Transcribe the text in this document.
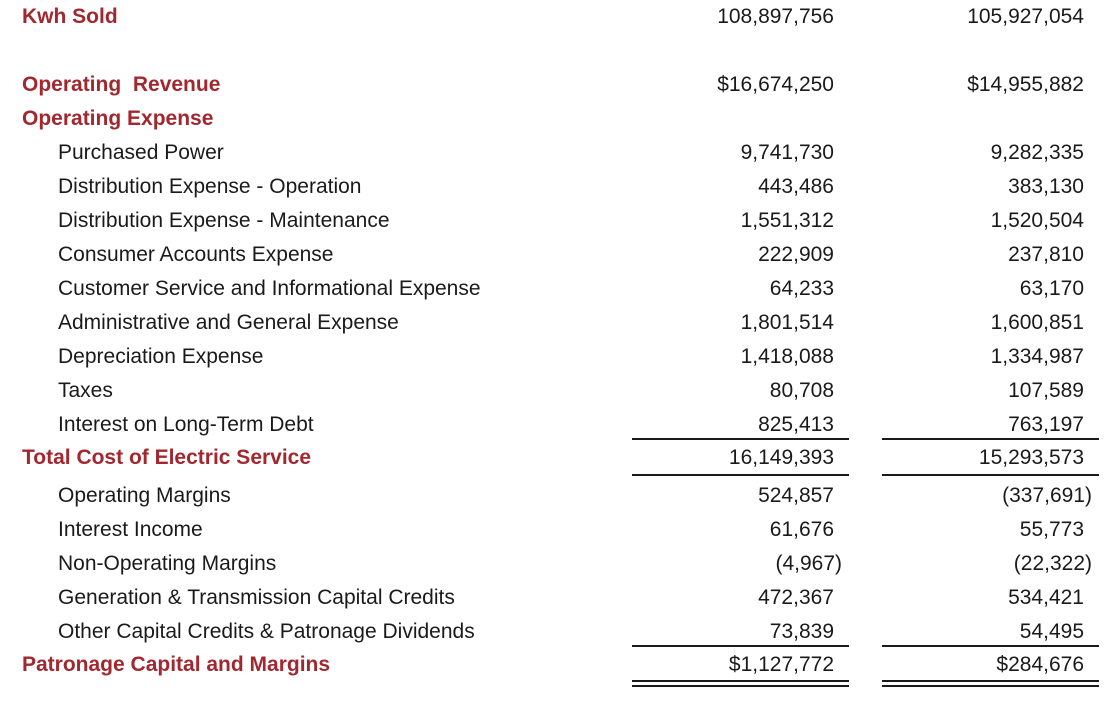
Kwh Sold	108,897,756	105,927,054
Operating  Revenue	$16,674,250	$14,955,882
Operating Expense
Purchased Power	9,741,730	9,282,335
Distribution Expense - Operation	443,486	383,130
Distribution Expense - Maintenance	1,551,312	1,520,504
Consumer Accounts Expense	222,909	237,810
Customer Service and Informational Expense	64,233	63,170
Administrative and General Expense	1,801,514	1,600,851
Depreciation Expense	1,418,088	1,334,987
Taxes	80,708	107,589
Interest on Long-Term Debt	825,413	763,197
Total Cost of Electric Service	16,149,393	15,293,573
Operating Margins	524,857	(337,691)
Interest Income	61,676	55,773
Non-Operating Margins	(4,967)	(22,322)
Generation & Transmission Capital Credits	472,367	534,421
Other Capital Credits & Patronage Dividends	73,839	54,495
Patronage Capital and Margins	$1,127,772	$284,676
